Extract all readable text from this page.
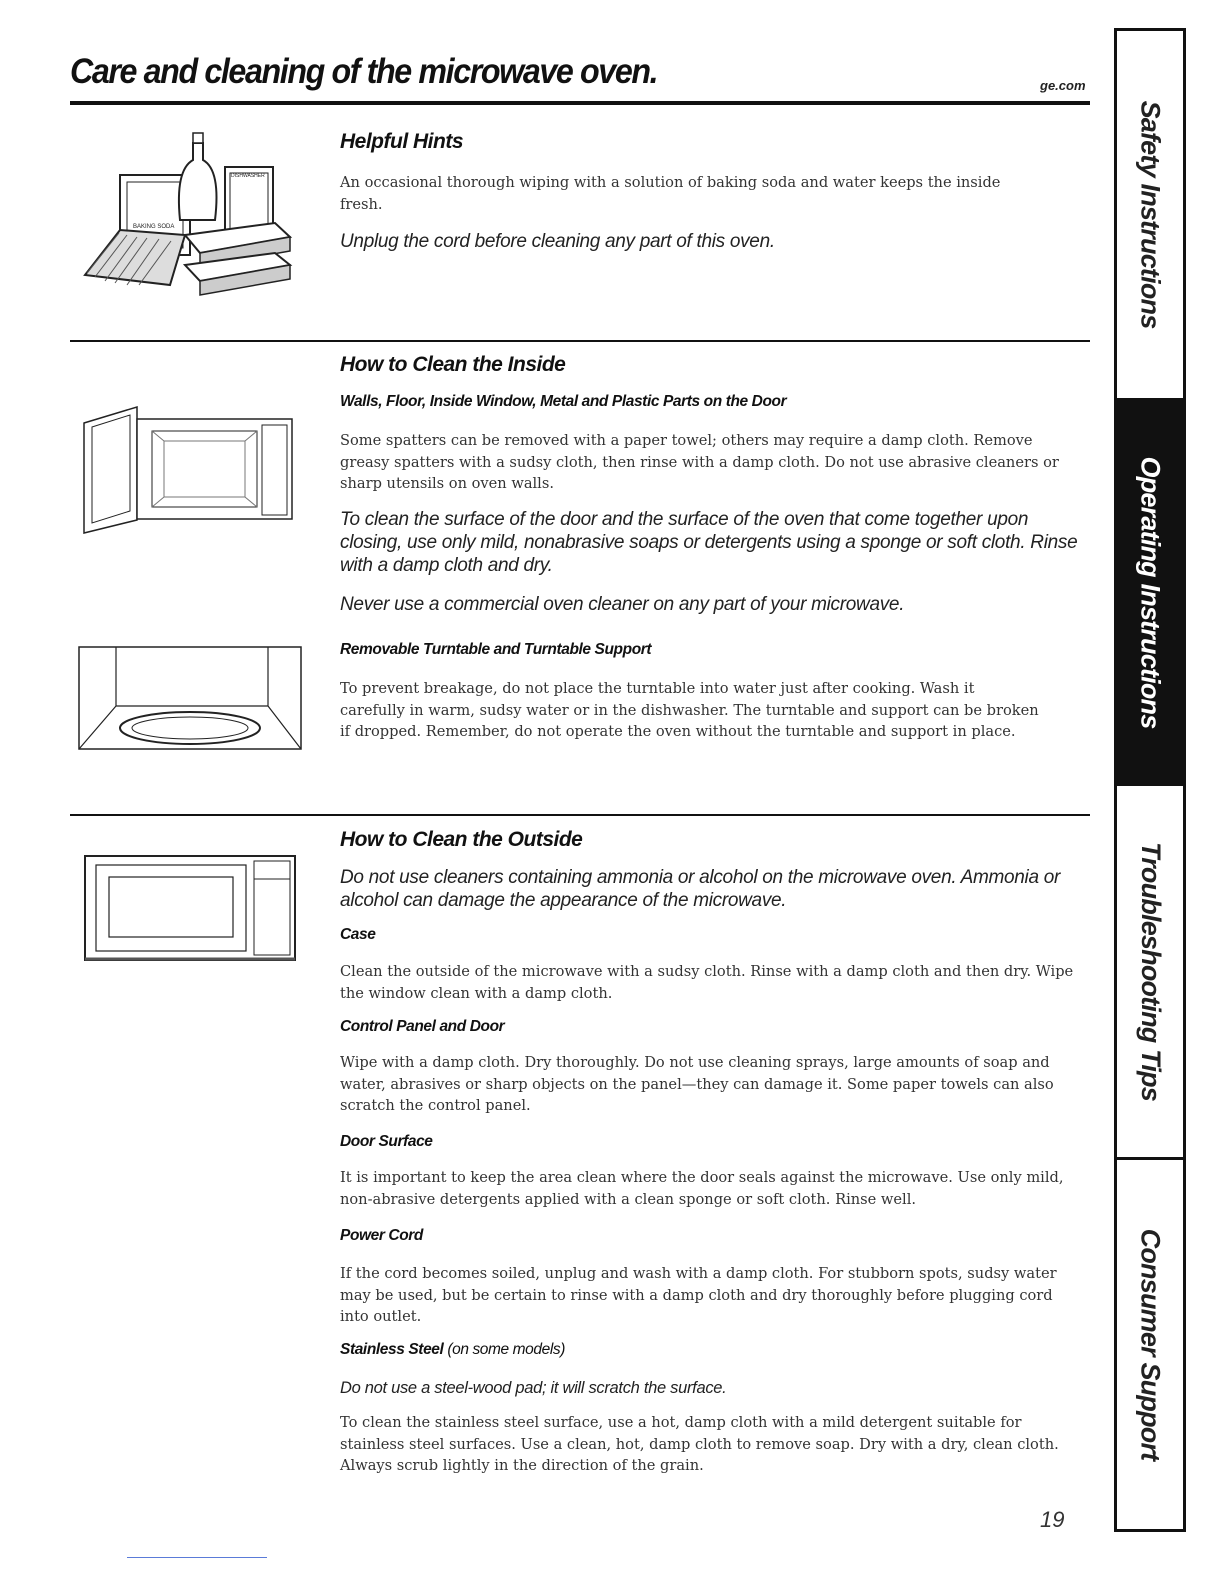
Care and cleaning of the microwave oven.	ge.com
BAKING SODA
DISHWASHER
Helpful Hints

An occasional thorough wiping with a solution of baking soda and water keeps the inside fresh.

Unplug the cord before cleaning any part of this oven.

How to Clean the Inside
Walls, Floor, Inside Window, Metal and Plastic Parts on the Door

Some spatters can be removed with a paper towel; others may require a damp cloth. Remove greasy spatters with a sudsy cloth, then rinse with a damp cloth. Do not use abrasive cleaners or sharp utensils on oven walls.

To clean the surface of the door and the surface of the oven that come together upon closing, use only mild, nonabrasive soaps or detergents using a sponge or soft cloth. Rinse with a damp cloth and dry.

Never use a commercial oven cleaner on any part of your microwave.

Removable Turntable and Turntable Support

To prevent breakage, do not place the turntable into water just after cooking. Wash it carefully in warm, sudsy water or in the dishwasher. The turntable and support can be broken if dropped. Remember, do not operate the oven without the turntable and support in place.

How to Clean the Outside

Do not use cleaners containing ammonia or alcohol on the microwave oven. Ammonia or alcohol can damage the appearance of the microwave.

Case

Clean the outside of the microwave with a sudsy cloth. Rinse with a damp cloth and then dry. Wipe the window clean with a damp cloth.

Control Panel and Door

Wipe with a damp cloth. Dry thoroughly. Do not use cleaning sprays, large amounts of soap and water, abrasives or sharp objects on the panel—they can damage it. Some paper towels can also scratch the control panel.

Door Surface

It is important to keep the area clean where the door seals against the microwave. Use only mild, non-abrasive detergents applied with a clean sponge or soft cloth. Rinse well.

Power Cord

If the cord becomes soiled, unplug and wash with a damp cloth. For stubborn spots, sudsy water may be used, but be certain to rinse with a damp cloth and dry thoroughly before plugging cord into outlet.

Stainless Steel (on some models)

Do not use a steel-wood pad; it will scratch the surface.

To clean the stainless steel surface, use a hot, damp cloth with a mild detergent suitable for stainless steel surfaces. Use a clean, hot, damp cloth to remove soap. Dry with a dry, clean cloth. Always scrub lightly in the direction of the grain.

19
Safety Instructions
Operating Instructions
Troubleshooting Tips
Consumer Support
